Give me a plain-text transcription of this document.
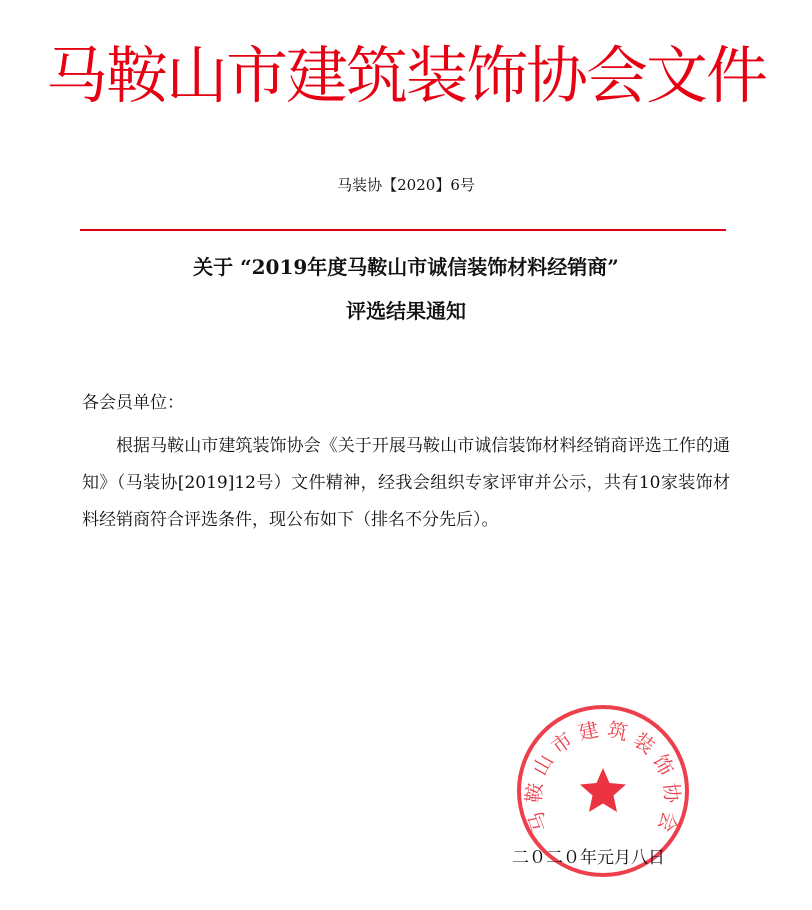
马鞍山市建筑装饰协会文件
马装协【2020】6号
关于 “2019年度马鞍山市诚信装饰材料经销商”
评选结果通知
各会员单位：
根据马鞍山市建筑装饰协会《关于开展马鞍山市诚信装饰材料经销商评选工作的通知》（马装协[2019]12号）文件精神，经我会组织专家评审并公示，共有10家装饰材料经销商符合评选条件，现公布如下（排名不分先后）。
马 鞍 山 市 建 筑 装 饰 协 会
二０二０年元月八日
